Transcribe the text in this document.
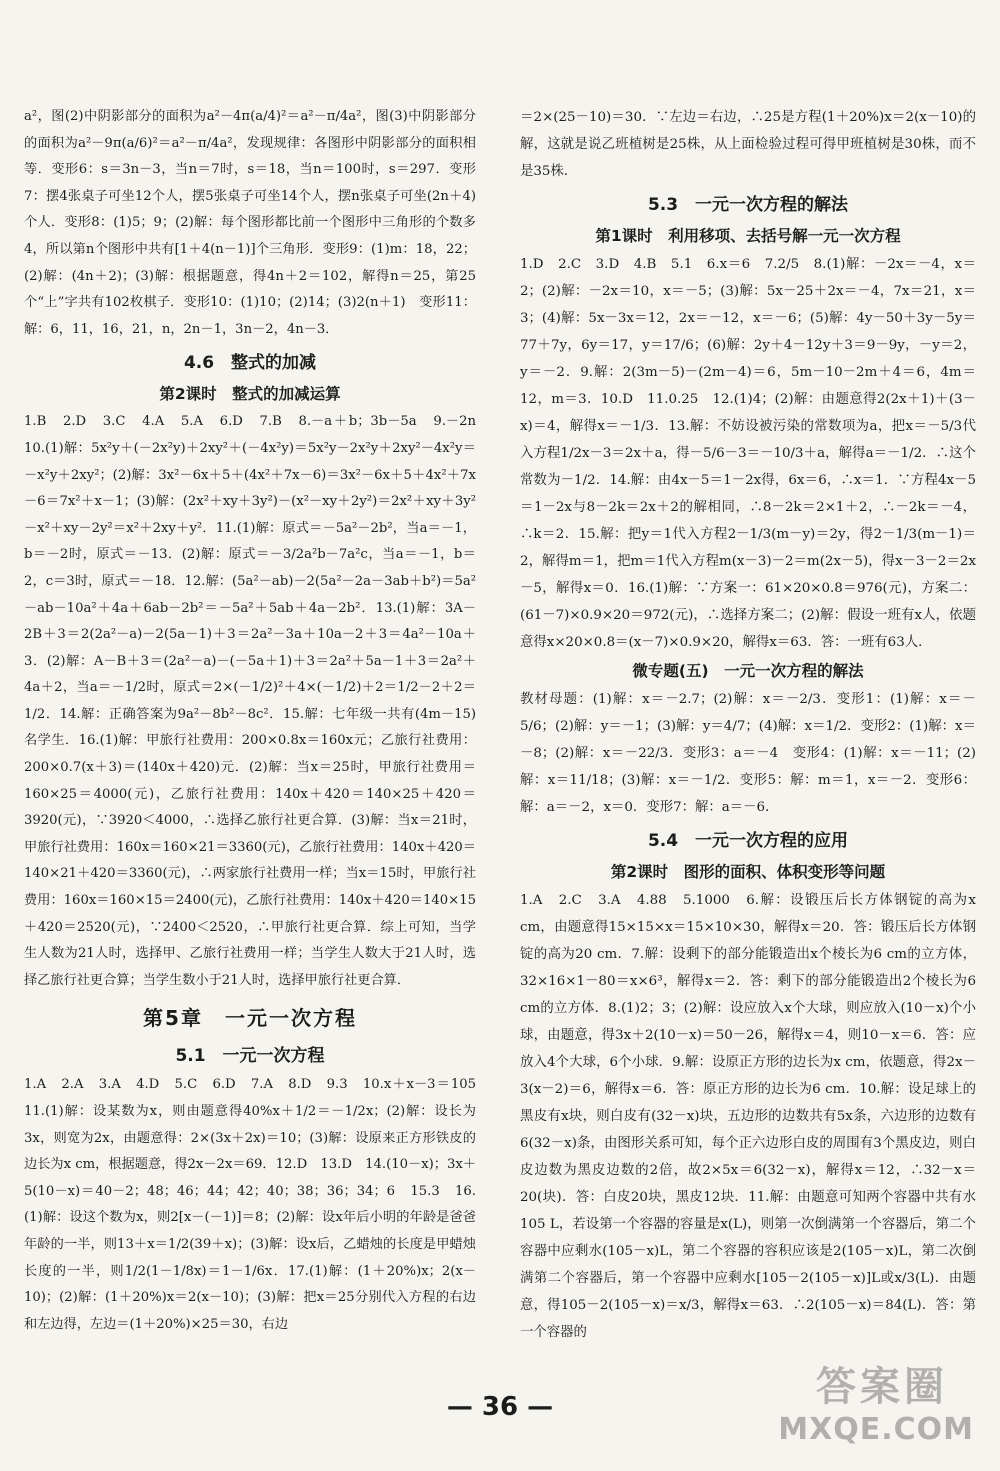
a²，图(2)中阴影部分的面积为a²－4π(a/4)²＝a²－π/4a²，图(3)中阴影部分的面积为a²－9π(a/6)²＝a²－π/4a²，发现规律：各图形中阴影部分的面积相等．变形6：s＝3n－3，当n＝7时，s＝18，当n＝100时，s＝297．变形7：摆4张桌子可坐12个人，摆5张桌子可坐14个人，摆n张桌子可坐(2n＋4)个人．变形8：(1)5；9；(2)解：每个图形都比前一个图形中三角形的个数多4，所以第n个图形中共有[1＋4(n－1)]个三角形．变形9：(1)m：18，22；(2)解：(4n＋2)；(3)解：根据题意，得4n＋2＝102，解得n＝25，第25个“上”字共有102枚棋子．变形10：(1)10；(2)14；(3)2(n＋1)　变形11：解：6，11，16，21，n，2n－1，3n－2，4n－3．

4.6　整式的加减
第2课时　整式的加减运算

1.B　2.D　3.C　4.A　5.A　6.D　7.B　8.－a＋b；3b－5a　9.－2n　10.(1)解：5x²y＋(－2x²y)＋2xy²＋(－4x²y)＝5x²y－2x²y＋2xy²－4x²y＝－x²y＋2xy²；(2)解：3x²－6x＋5＋(4x²＋7x－6)＝3x²－6x＋5＋4x²＋7x－6＝7x²＋x－1；(3)解：(2x²＋xy＋3y²)－(x²－xy＋2y²)＝2x²＋xy＋3y²－x²＋xy－2y²＝x²＋2xy＋y²．11.(1)解：原式＝－5a²－2b²，当a＝－1，b＝－2时，原式＝－13．(2)解：原式＝－3/2a²b－7a²c，当a＝－1，b＝2，c＝3时，原式＝－18．12.解：(5a²－ab)－2(5a²－2a－3ab＋b²)＝5a²－ab－10a²＋4a＋6ab－2b²＝－5a²＋5ab＋4a－2b²．13.(1)解：3A－2B＋3＝2(2a²－a)－2(5a－1)＋3＝2a²－3a＋10a－2＋3＝4a²－10a＋3．(2)解：A－B＋3＝(2a²－a)－(－5a＋1)＋3＝2a²＋5a－1＋3＝2a²＋4a＋2，当a＝－1/2时，原式＝2×(－1/2)²＋4×(－1/2)＋2＝1/2－2＋2＝1/2．14.解：正确答案为9a²－8b²－8c²．15.解：七年级一共有(4m－15)名学生．16.(1)解：甲旅行社费用：200×0.8x＝160x元；乙旅行社费用：200×0.7(x＋3)＝(140x＋420)元．(2)解：当x＝25时，甲旅行社费用＝160×25＝4000(元)，乙旅行社费用：140x＋420＝140×25＋420＝3920(元)，∵3920＜4000，∴选择乙旅行社更合算．(3)解：当x＝21时，甲旅行社费用：160x＝160×21＝3360(元)，乙旅行社费用：140x＋420＝140×21＋420＝3360(元)，∴两家旅行社费用一样；当x＝15时，甲旅行社费用：160x＝160×15＝2400(元)，乙旅行社费用：140x＋420＝140×15＋420＝2520(元)，∵2400＜2520，∴甲旅行社更合算．综上可知，当学生人数为21人时，选择甲、乙旅行社费用一样；当学生人数大于21人时，选择乙旅行社更合算；当学生数小于21人时，选择甲旅行社更合算．

第5章　一元一次方程
5.1　一元一次方程

1.A　2.A　3.A　4.D　5.C　6.D　7.A　8.D　9.3　10.x＋x－3＝105　11.(1)解：设某数为x，则由题意得40%x＋1/2＝－1/2x；(2)解：设长为3x，则宽为2x，由题意得：2×(3x＋2x)＝10；(3)解：设原来正方形铁皮的边长为x cm，根据题意，得2x－2x＝69．12.D　13.D　14.(10－x)；3x＋5(10－x)＝40－2；48；46；44；42；40；38；36；34；6　15.3　16.(1)解：设这个数为x，则2[x－(－1)]＝8；(2)解：设x年后小明的年龄是爸爸年龄的一半，则13＋x＝1/2(39＋x)；(3)解：设x后，乙蜡烛的长度是甲蜡烛长度的一半，则1/2(1－1/8x)＝1－1/6x．17.(1)解：(1＋20%)x；2(x－10)；(2)解：(1＋20%)x＝2(x－10)；(3)解：把x＝25分别代入方程的右边和左边得，左边＝(1＋20%)×25＝30，右边

＝2×(25－10)＝30．∵左边＝右边，∴25是方程(1＋20%)x＝2(x－10)的解，这就是说乙班植树是25株，从上面检验过程可得甲班植树是30株，而不是35株．

5.3　一元一次方程的解法
第1课时　利用移项、去括号解一元一次方程

1.D　2.C　3.D　4.B　5.1　6.x＝6　7.2/5　8.(1)解：－2x＝－4，x＝2；(2)解：－2x＝10，x＝－5；(3)解：5x－25＋2x＝－4，7x＝21，x＝3；(4)解：5x－3x＝12，2x＝－12，x＝－6；(5)解：4y－50＋3y－5y＝77＋7y，6y＝17，y＝17/6；(6)解：2y＋4－12y＋3＝9－9y，－y＝2，y＝－2．9.解：2(3m－5)－(2m－4)＝6，5m－10－2m＋4＝6，4m＝12，m＝3．10.D　11.0.25　12.(1)4；(2)解：由题意得2(2x＋1)＋(3－x)＝4，解得x＝－1/3．13.解：不妨设被污染的常数项为a，把x＝－5/3代入方程1/2x－3＝2x＋a，得－5/6－3＝－10/3＋a，解得a＝－1/2．∴这个常数为－1/2．14.解：由4x－5＝1－2x得，6x＝6，∴x＝1．∵方程4x－5＝1－2x与8－2k＝2x＋2的解相同，∴8－2k＝2×1＋2，∴－2k＝－4，∴k＝2．15.解：把y＝1代入方程2－1/3(m－y)＝2y，得2－1/3(m－1)＝2，解得m＝1，把m＝1代入方程m(x－3)－2＝m(2x－5)，得x－3－2＝2x－5，解得x＝0．16.(1)解：∵方案一：61×20×0.8＝976(元)，方案二：(61－7)×0.9×20＝972(元)，∴选择方案二；(2)解：假设一班有x人，依题意得x×20×0.8＝(x－7)×0.9×20，解得x＝63．答：一班有63人．

微专题(五)　一元一次方程的解法

教材母题：(1)解：x＝－2.7；(2)解：x＝－2/3．变形1：(1)解：x＝－5/6；(2)解：y＝－1；(3)解：y＝4/7；(4)解：x＝1/2．变形2：(1)解：x＝－8；(2)解：x＝－22/3．变形3：a＝－4　变形4：(1)解：x＝－11；(2)解：x＝11/18；(3)解：x＝－1/2．变形5：解：m＝1，x＝－2．变形6：解：a＝－2，x＝0．变形7：解：a＝－6．

5.4　一元一次方程的应用
第2课时　图形的面积、体积变形等问题

1.A　2.C　3.A　4.88　5.1000　6.解：设锻压后长方体钢锭的高为x cm，由题意得15×15×x＝15×10×30，解得x＝20．答：锻压后长方体钢锭的高为20 cm．7.解：设剩下的部分能锻造出x个棱长为6 cm的立方体，32×16×1－80＝x×6³，解得x＝2．答：剩下的部分能锻造出2个棱长为6 cm的立方体．8.(1)2；3；(2)解：设应放入x个大球，则应放入(10－x)个小球，由题意，得3x＋2(10－x)＝50－26，解得x＝4，则10－x＝6．答：应放入4个大球，6个小球．9.解：设原正方形的边长为x cm，依题意，得2x－3(x－2)＝6，解得x＝6．答：原正方形的边长为6 cm．10.解：设足球上的黑皮有x块，则白皮有(32－x)块，五边形的边数共有5x条，六边形的边数有6(32－x)条，由图形关系可知，每个正六边形白皮的周围有3个黑皮边，则白皮边数为黑皮边数的2倍，故2×5x＝6(32－x)，解得x＝12，∴32－x＝20(块)．答：白皮20块，黑皮12块．11.解：由题意可知两个容器中共有水105 L，若设第一个容器的容量是x(L)，则第一次倒满第一个容器后，第二个容器中应剩水(105－x)L，第二个容器的容积应该是2(105－x)L，第二次倒满第二个容器后，第一个容器中应剩水[105－2(105－x)]L或x/3(L)．由题意，得105－2(105－x)＝x/3，解得x＝63．∴2(105－x)＝84(L)．答：第一个容器的

— 36 —	答案圈
MXQE.COM
